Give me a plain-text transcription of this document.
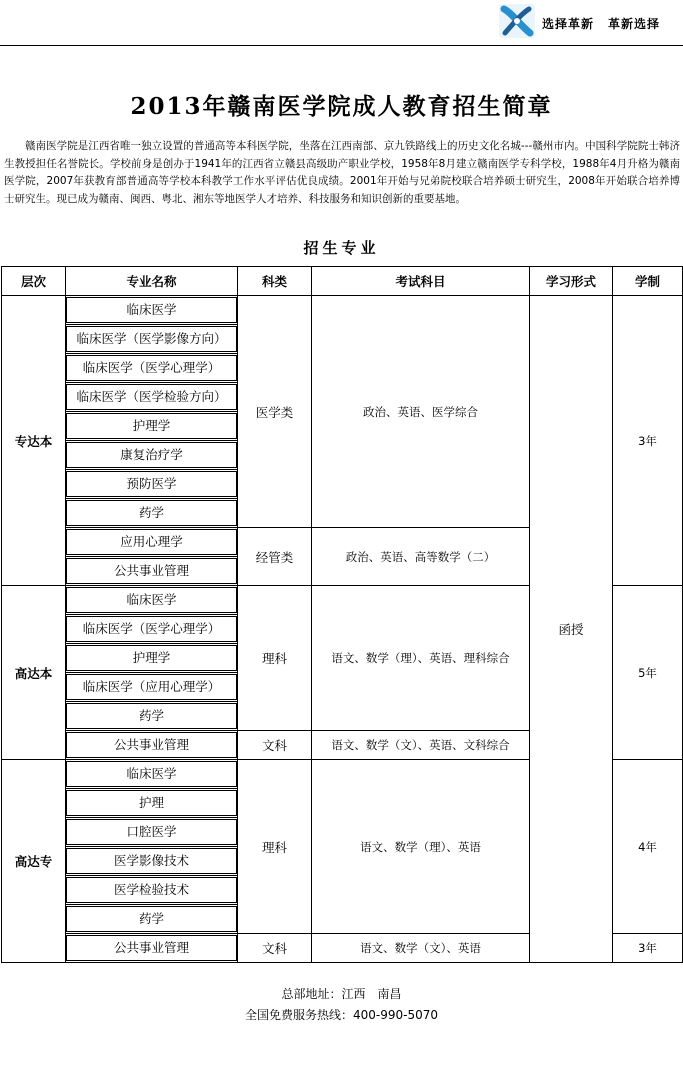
选择革新 革新选择
2013年赣南医学院成人教育招生简章
赣南医学院是江西省唯一独立设置的普通高等本科医学院，坐落在江西南部、京九铁路线上的历史文化名城---赣州市内。中国科学院院士韩济生教授担任名誉院长。学校前身是创办于1941年的江西省立赣县高级助产职业学校，1958年8月建立赣南医学专科学校，1988年4月升格为赣南医学院，2007年获教育部普通高等学校本科教学工作水平评估优良成绩。2001年开始与兄弟院校联合培养硕士研究生，2008年开始联合培养博士研究生。现已成为赣南、闽西、粤北、湘东等地医学人才培养、科技服务和知识创新的重要基地。
招生专业
层次	专业名称	科类	考试科目	学习形式	学制
专达本	临床医学	医学类	政治、英语、医学综合	函授	3年

	临床医学（医学影像方向）				

	临床医学（医学心理学）				

	临床医学（医学检验方向）				

	护理学				

	康复治疗学				

	预防医学				

	药学				

	应用心理学	经管类	政治、英语、高等数学（二）		

	公共事业管理				

高达本	临床医学	理科	语文、数学（理）、英语、理科综合		5年

	临床医学（医学心理学）				

	护理学				

	临床医学（应用心理学）				

	药学				

	公共事业管理	文科	语文、数学（文）、英语、文科综合		
高达专	临床医学	理科	语文、数学（理）、英语		4年

	护理				

	口腔医学				

	医学影像技术				

	医学检验技术				

	药学				

	公共事业管理	文科	语文、数学（文）、英语		3年
总部地址：江西　南昌
全国免费服务热线：400-990-5070
